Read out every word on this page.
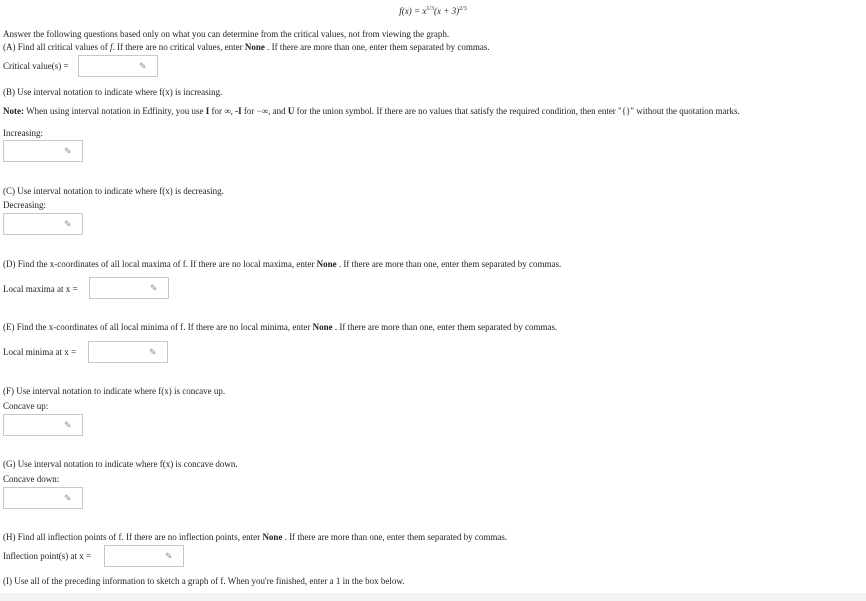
$f(x) = x^{1/3}(x + 3)^{2/3}$
Answer the following questions based only on what you can determine from the critical values, not from viewing the graph.
(A) Find all critical values of f. If there are no critical values, enter None . If there are more than one, enter them separated by commas.
Critical value(s) =	✎
(B) Use interval notation to indicate where f(x) is increasing.
Note: When using interval notation in Edfinity, you use I for ∞, -I for −∞, and U for the union symbol. If there are no values that satisfy the required condition, then enter "{}" without the quotation marks.
Increasing:
✎
(C) Use interval notation to indicate where f(x) is decreasing.
Decreasing:
✎
(D) Find the x-coordinates of all local maxima of f. If there are no local maxima, enter None . If there are more than one, enter them separated by commas.
Local maxima at x =	✎
(E) Find the x-coordinates of all local minima of f. If there are no local minima, enter None . If there are more than one, enter them separated by commas.
Local minima at x =	✎
(F) Use interval notation to indicate where f(x) is concave up.
Concave up:
✎
(G) Use interval notation to indicate where f(x) is concave down.
Concave down:
✎
(H) Find all inflection points of f. If there are no inflection points, enter None . If there are more than one, enter them separated by commas.
Inflection point(s) at x =	✎
(I) Use all of the preceding information to sketch a graph of f. When you're finished, enter a 1 in the box below.
